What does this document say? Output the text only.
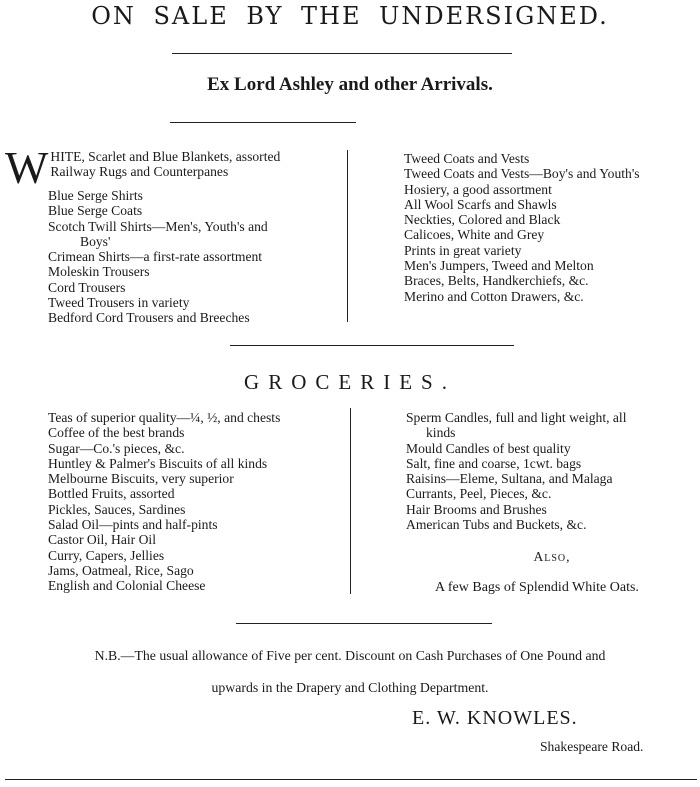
ON SALE BY THE UNDERSIGNED.
Ex Lord Ashley and other Arrivals.
W HITE, Scarlet and Blue Blankets, assorted
Railway Rugs and Counterpanes
Blue Serge Shirts
Blue Serge Coats
Scotch Twill Shirts—Men's, Youth's and
Boys'
Crimean Shirts—a first-rate assortment
Moleskin Trousers
Cord Trousers
Tweed Trousers in variety
Bedford Cord Trousers and Breeches
Tweed Coats and Vests
Tweed Coats and Vests—Boy's and Youth's
Hosiery, a good assortment
All Wool Scarfs and Shawls
Neckties, Colored and Black
Calicoes, White and Grey
Prints in great variety
Men's Jumpers, Tweed and Melton
Braces, Belts, Handkerchiefs, &c.
Merino and Cotton Drawers, &c.
GROCERIES.
Teas of superior quality—¼, ½, and chests
Coffee of the best brands
Sugar—Co.'s pieces, &c.
Huntley & Palmer's Biscuits of all kinds
Melbourne Biscuits, very superior
Bottled Fruits, assorted
Pickles, Sauces, Sardines
Salad Oil—pints and half-pints
Castor Oil, Hair Oil
Curry, Capers, Jellies
Jams, Oatmeal, Rice, Sago
English and Colonial Cheese
Sperm Candles, full and light weight, all
kinds
Mould Candles of best quality
Salt, fine and coarse, 1cwt. bags
Raisins—Eleme, Sultana, and Malaga
Currants, Peel, Pieces, &c.
Hair Brooms and Brushes
American Tubs and Buckets, &c.
Also,
A few Bags of Splendid White Oats.
N.B.—The usual allowance of Five per cent. Discount on Cash Purchases of One Pound and
upwards in the Drapery and Clothing Department.
E. W. KNOWLES.
Shakespeare Road.
